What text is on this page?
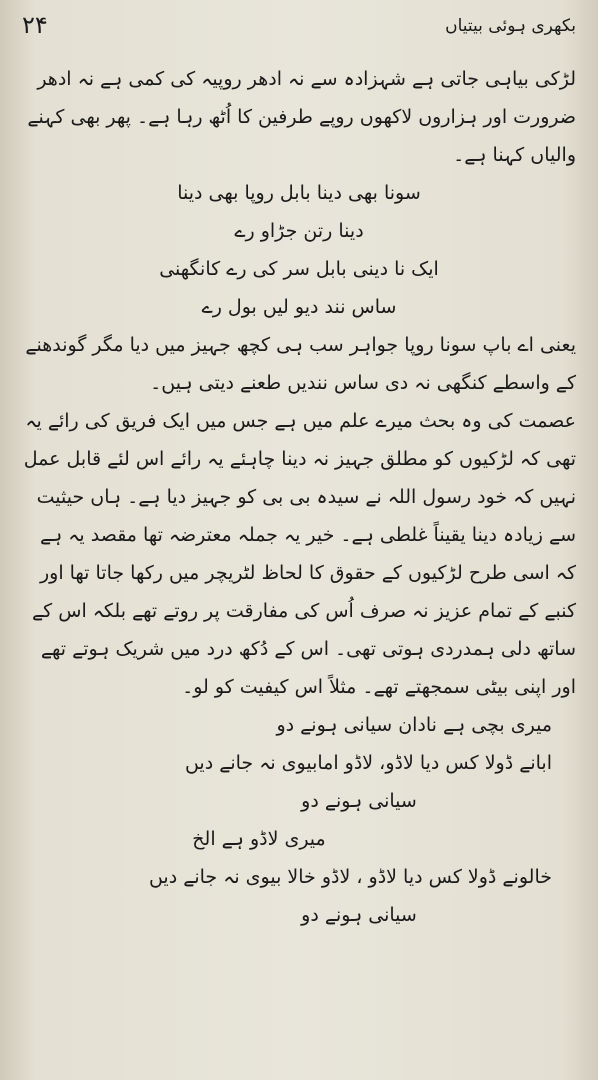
۲۴	بکھری ہوئی بیتیاں

لڑکی بیاہی جاتی ہے شہزادہ سے نہ ادھر روپیہ کی کمی ہے نہ ادھر ضرورت اور ہزاروں لاکھوں روپے طرفین کا اُٹھ رہا ہے۔ پھر بھی کہنے والیاں کہنا ہے۔

سونا بھی دینا بابل روپا بھی دینا
دینا رتن جڑاو رے
ایک نا دینی بابل سر کی رے کانگھنی
ساس نند دیو لیں بول رے

یعنی اے باپ سونا روپا جواہر سب ہی کچھ جہیز میں دیا مگر گوندھنے کے واسطے کنگھی نہ دی ساس نندیں طعنے دیتی ہیں۔

عصمت کی وہ بحث میرے علم میں ہے جس میں ایک فریق کی رائے یہ تھی کہ لڑکیوں کو مطلق جہیز نہ دینا چاہئے یہ رائے اس لئے قابل عمل نہیں کہ خود رسول اللہ نے سیدہ بی بی کو جہیز دیا ہے۔ ہاں حیثیت سے زیادہ دینا یقیناً غلطی ہے۔ خیر یہ جملہ معترضہ تھا مقصد یہ ہے کہ اسی طرح لڑکیوں کے حقوق کا لحاظ لٹریچر میں رکھا جاتا تھا اور کنبے کے تمام عزیز نہ صرف اُس کی مفارقت پر روتے تھے بلکہ اس کے ساتھ دلی ہمدردی ہوتی تھی۔ اس کے دُکھ درد میں شریک ہوتے تھے اور اپنی بیٹی سمجھتے تھے۔ مثلاً اس کیفیت کو لو۔

میری بچی ہے نادان سیانی ہونے دو
ابانے ڈولا کس دیا لاڈو، لاڈو امابیوی نہ جانے دیں
سیانی ہونے دو
میری لاڈو ہے الخ
خالونے ڈولا کس دیا لاڈو ، لاڈو خالا بیوی نہ جانے دیں
سیانی ہونے دو
